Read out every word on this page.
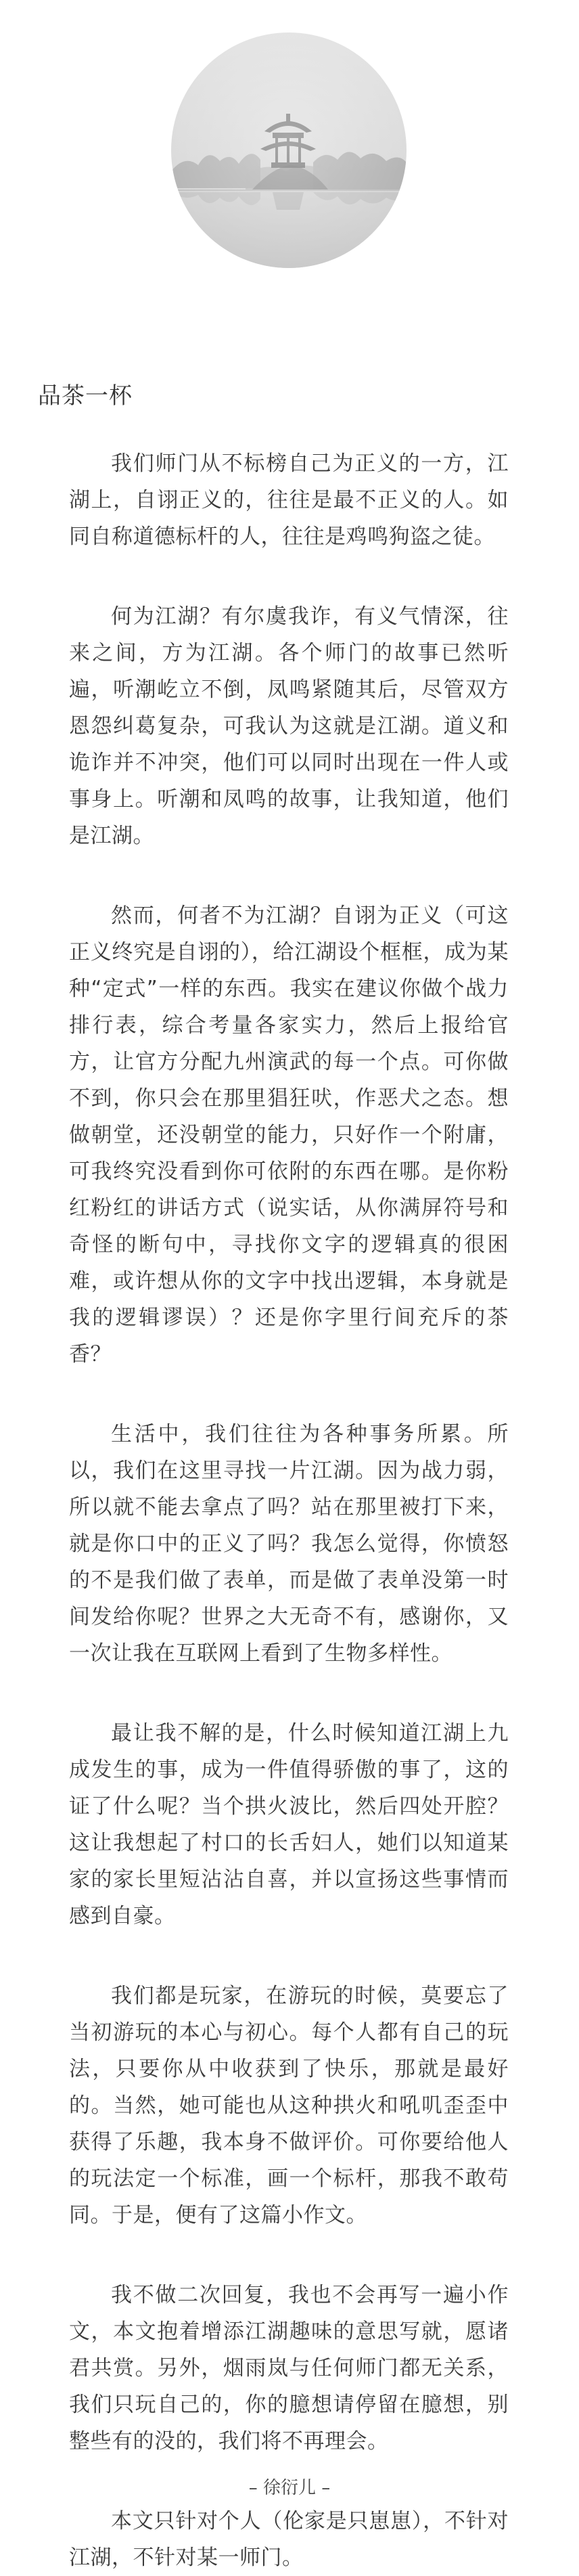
品茶一杯

我们师门从不标榜自己为正义的一方，江湖上，自诩正义的，往往是最不正义的人。如同自称道德标杆的人，往往是鸡鸣狗盗之徒。

何为江湖？有尔虞我诈，有义气情深，往来之间，方为江湖。各个师门的故事已然听遍，听潮屹立不倒，凤鸣紧随其后，尽管双方恩怨纠葛复杂，可我认为这就是江湖。道义和诡诈并不冲突，他们可以同时出现在一件人或事身上。听潮和凤鸣的故事，让我知道，他们是江湖。

然而，何者不为江湖？自诩为正义（可这正义终究是自诩的），给江湖设个框框，成为某种“定式”一样的东西。我实在建议你做个战力排行表，综合考量各家实力，然后上报给官方，让官方分配九州演武的每一个点。可你做不到，你只会在那里猖狂吠，作恶犬之态。想做朝堂，还没朝堂的能力，只好作一个附庸，可我终究没看到你可依附的东西在哪。是你粉红粉红的讲话方式（说实话，从你满屏符号和奇怪的断句中，寻找你文字的逻辑真的很困难，或许想从你的文字中找出逻辑，本身就是我的逻辑谬误）？还是你字里行间充斥的茶香？

生活中，我们往往为各种事务所累。所以，我们在这里寻找一片江湖。因为战力弱，所以就不能去拿点了吗？站在那里被打下来，就是你口中的正义了吗？我怎么觉得，你愤怒的不是我们做了表单，而是做了表单没第一时间发给你呢？世界之大无奇不有，感谢你，又一次让我在互联网上看到了生物多样性。

最让我不解的是，什么时候知道江湖上九成发生的事，成为一件值得骄傲的事了，这的证了什么呢？当个拱火波比，然后四处开腔？这让我想起了村口的长舌妇人，她们以知道某家的家长里短沾沾自喜，并以宣扬这些事情而感到自豪。

我们都是玩家，在游玩的时候，莫要忘了当初游玩的本心与初心。每个人都有自己的玩法，只要你从中收获到了快乐，那就是最好的。当然，她可能也从这种拱火和吼叽歪歪中获得了乐趣，我本身不做评价。可你要给他人的玩法定一个标准，画一个标杆，那我不敢苟同。于是，便有了这篇小作文。

我不做二次回复，我也不会再写一遍小作文，本文抱着增添江湖趣味的意思写就，愿诸君共赏。另外，烟雨岚与任何师门都无关系，我们只玩自己的，你的臆想请停留在臆想，别整些有的没的，我们将不再理会。

本文只针对个人（伦家是只崽崽），不针对江湖，不针对某一师门。

– 徐衍儿 –
